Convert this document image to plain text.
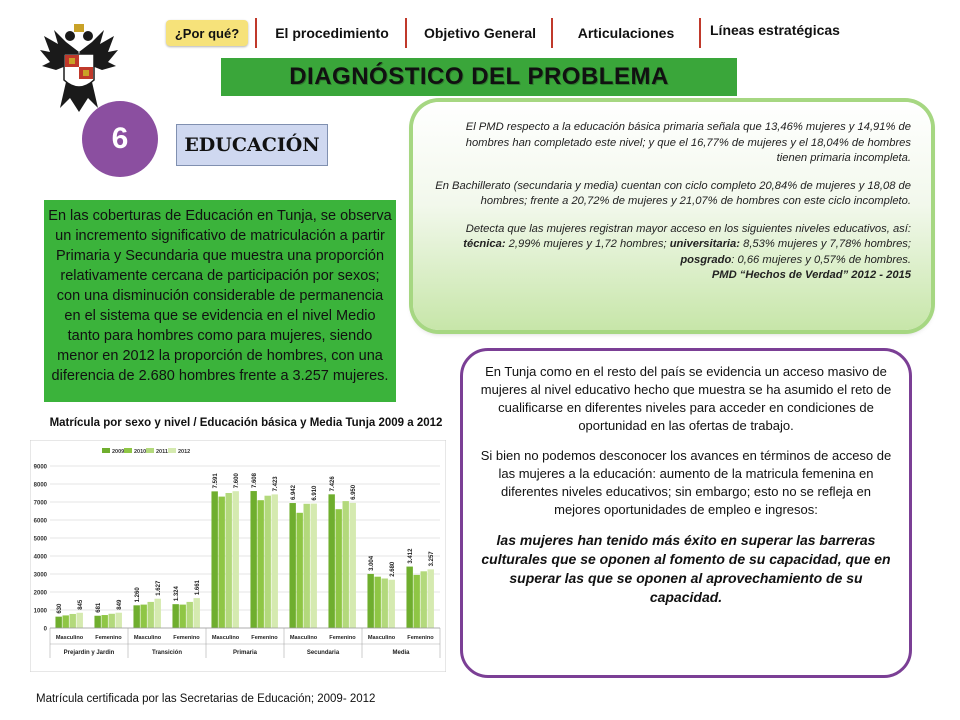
¿Por qué?	El procedimiento	Objetivo General	Articulaciones	Líneas estratégicas
DIAGNÓSTICO DEL PROBLEMA
6	EDUCACIÓN
En las coberturas de Educación en Tunja, se observa un incremento significativo de matriculación a partir Primaria y Secundaria que muestra una proporción relativamente cercana de participación por sexos; con una disminución considerable de permanencia en el sistema que se evidencia en el nivel Medio tanto para hombres como para mujeres, siendo menor en 2012 la proporción de hombres, con una diferencia de 2.680 hombres frente a 3.257 mujeres.

El PMD respecto a la educación básica primaria señala que 13,46% mujeres y 14,91% de hombres han completado este nivel; y que el 16,77% de mujeres y el 18,04% de hombres tienen primaria incompleta.

En Bachillerato (secundaria y media) cuentan con ciclo completo 20,84% de mujeres y 18,08 de hombres; frente a 20,72% de mujeres y 21,07% de hombres con este ciclo incompleto.

Detecta que las mujeres registran mayor acceso en los siguientes niveles educativos, así: técnica: 2,99% mujeres y 1,72 hombres; universitaria: 8,53% mujeres y 7,78% hombres; posgrado: 0,66 mujeres y 0,57% de hombres.
PMD “Hechos de Verdad” 2012 - 2015

En Tunja como en el resto del país se evidencia un acceso masivo de mujeres al nivel educativo hecho que muestra se ha asumido el reto de cualificarse en diferentes niveles para acceder en condiciones de oportunidad en las ofertas de trabajo.

Si bien no podemos desconocer los avances en términos de acceso de las mujeres a la educación: aumento de la matricula femenina en diferentes niveles educativos; sin embargo; esto no se refleja en mejores oportunidades de empleo e ingresos:

las mujeres han tenido más éxito en superar las barreras culturales que se oponen al fomento de su capacidad, que en superar las que se oponen al aprovechamiento de su capacidad.

Matrícula por sexo y nivel / Educación básica y Media Tunja 2009 a 2012
0
1000
2000
3000
4000
5000
6000
7000
8000
9000
2009 2010 2011 2012
630	845
Masculino
681	849
Femenino
1.260	1.627
Masculino
1.324	1.661
Femenino
7.591	7.600
Masculino
7.608	7.423
Femenino
6.942	6.910
Masculino
7.426
6.950
Femenino
3.004	2.680
Masculino
3.412	3.257
Femenino
Prejardin y Jardin	Transición	Primaria	Secundaria	Media
Matrícula certificada por las Secretarias de Educación; 2009- 2012
